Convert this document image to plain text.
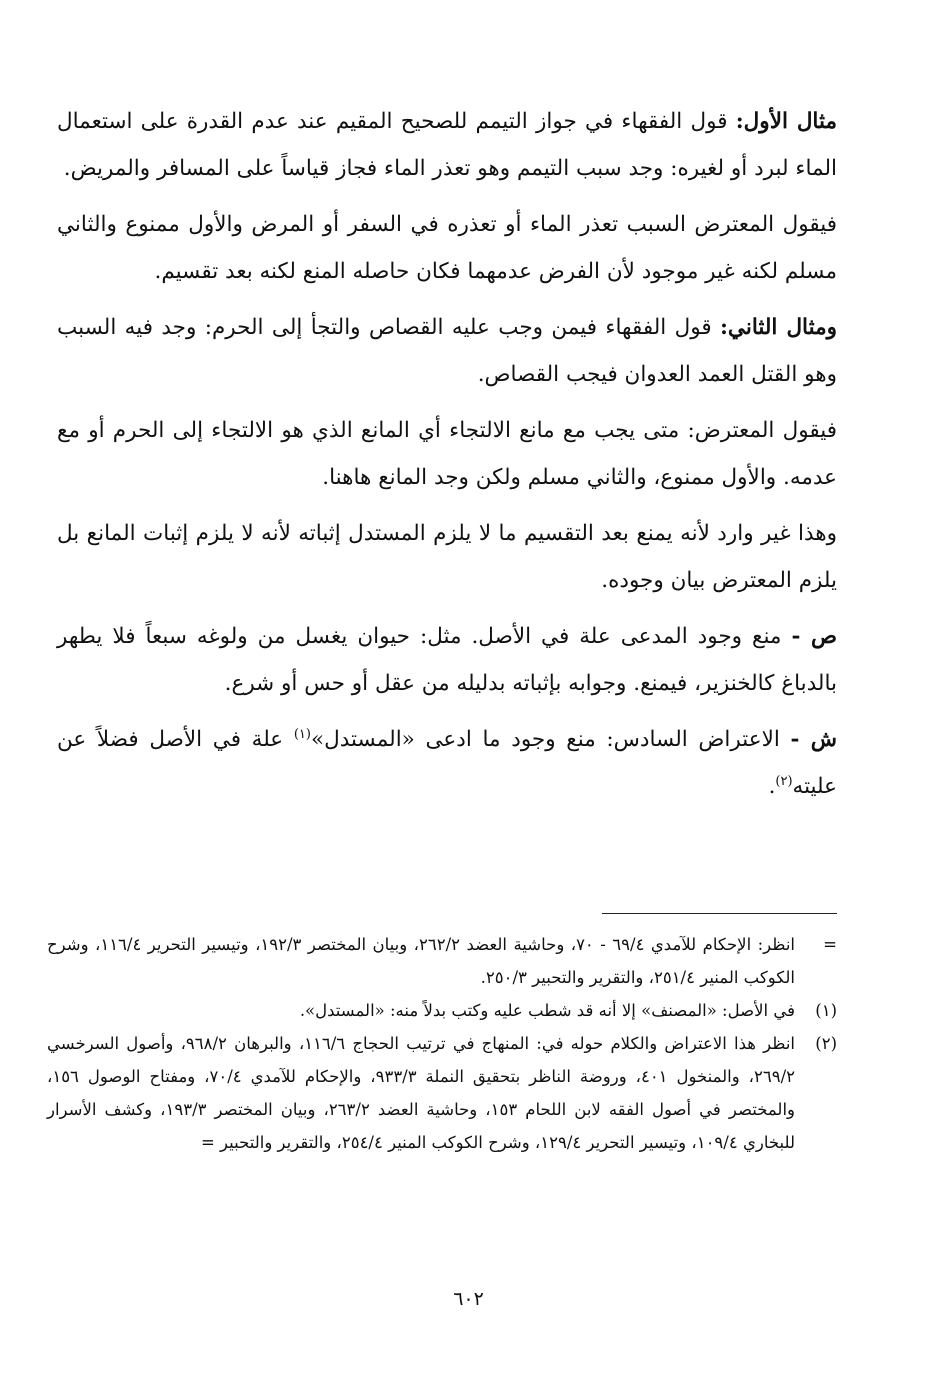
مثال الأول: قول الفقهاء في جواز التيمم للصحيح المقيم عند عدم القدرة على استعمال الماء لبرد أو لغيره: وجد سبب التيمم وهو تعذر الماء فجاز قياساً على المسافر والمريض.

فيقول المعترض السبب تعذر الماء أو تعذره في السفر أو المرض والأول ممنوع والثاني مسلم لكنه غير موجود لأن الفرض عدمهما فكان حاصله المنع لكنه بعد تقسيم.

ومثال الثاني: قول الفقهاء فيمن وجب عليه القصاص والتجأ إلى الحرم: وجد فيه السبب وهو القتل العمد العدوان فيجب القصاص.

فيقول المعترض: متى يجب مع مانع الالتجاء أي المانع الذي هو الالتجاء إلى الحرم أو مع عدمه. والأول ممنوع، والثاني مسلم ولكن وجد المانع هاهنا.

وهذا غير وارد لأنه يمنع بعد التقسيم ما لا يلزم المستدل إثباته لأنه لا يلزم إثبات المانع بل يلزم المعترض بيان وجوده.

ص - منع وجود المدعى علة في الأصل. مثل: حيوان يغسل من ولوغه سبعاً فلا يطهر بالدباغ كالخنزير، فيمنع. وجوابه بإثباته بدليله من عقل أو حس أو شرع.

ش - الاعتراض السادس: منع وجود ما ادعى «المستدل»$^{(١)}$ علة في الأصل فضلاً عن عليته$^{(٢)}$.

=
انظر: الإحكام للآمدي ٦٩/٤ - ٧٠، وحاشية العضد ٢٦٢/٢، وبيان المختصر ١٩٢/٣، وتيسير التحرير ١١٦/٤، وشرح الكوكب المنير ٢٥١/٤، والتقرير والتحبير ٢٥٠/٣.
(١)
في الأصل: «المصنف» إلا أنه قد شطب عليه وكتب بدلاً منه: «المستدل».
(٢)
انظر هذا الاعتراض والكلام حوله في: المنهاج في ترتيب الحجاج ١١٦/٦، والبرهان ٩٦٨/٢، وأصول السرخسي ٢٦٩/٢، والمنخول ٤٠١، وروضة الناظر بتحقيق النملة ٩٣٣/٣، والإحكام للآمدي ٧٠/٤، ومفتاح الوصول ١٥٦، والمختصر في أصول الفقه لابن اللحام ١٥٣، وحاشية العضد ٢٦٣/٢، وبيان المختصر ١٩٣/٣، وكشف الأسرار للبخاري ١٠٩/٤، وتيسير التحرير ١٢٩/٤، وشرح الكوكب المنير ٢٥٤/٤، والتقرير والتحبير =
٦٠٢
